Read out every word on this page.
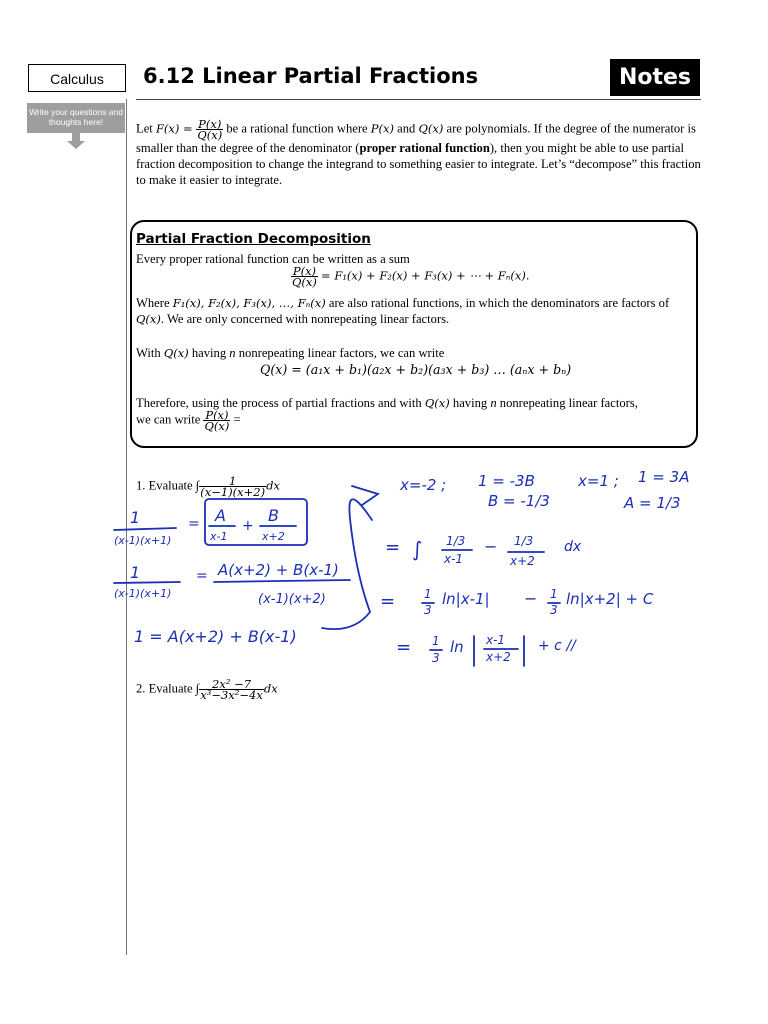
Calculus	6.12 Linear Partial Fractions	Notes
Write your questions and thoughts here!	Let $F(x) = \frac{P(x)}{Q(x)}$ be a rational function where P(x) and Q(x) are polynomials. If the degree of the numerator is smaller than the degree of the denominator (proper rational function), then you might be able to use partial fraction decomposition to change the integrand to something easier to integrate. Let’s “decompose” this fraction to make it easier to integrate.
Partial Fraction Decomposition
Every proper rational function can be written as a sum
$\frac{P(x)}{Q(x)} = F_1(x) + F_2(x) + F_3(x)$ + ⋯ + Fₙ(x).
Where F₁(x), F₂(x), F₃(x), …, Fₙ(x) are also rational functions, in which the denominators are factors of Q(x). We are only concerned with nonrepeating linear factors.
With Q(x) having n nonrepeating linear factors, we can write
Q(x) = (a₁x + b₁)(a₂x + b₂)(a₃x + b₃) … (aₙx + bₙ)
Therefore, using the process of partial fractions and with Q(x) having n nonrepeating linear factors,
we can write $\frac{P(x)}{Q(x)}$ =
1. Evaluate ∫ $\frac{1}{(x-1)(x+2)}$ dx
2. Evaluate ∫ $\frac{\text{2x² −7}}{\text{x³−3x²−4x}}$ dx
1
(x-1)(x+1)
= A
x-1
+
B
x+2
1
(x-1)(x+1)
= A(x+2) + B(x-1)
(x-1)(x+2)
1 = A(x+2) + B(x-1)
x=-2 ; 1 = -3B
B = -1/3
x=1 ; 1 = 3A
A = 1/3
= ∫ 1/3
x-1
− 1/3
x+2
dx
= 1
3
ln|x-1| − 1
3
ln|x+2| + C
= 1
3
ln x-1
x+2
+ c //
